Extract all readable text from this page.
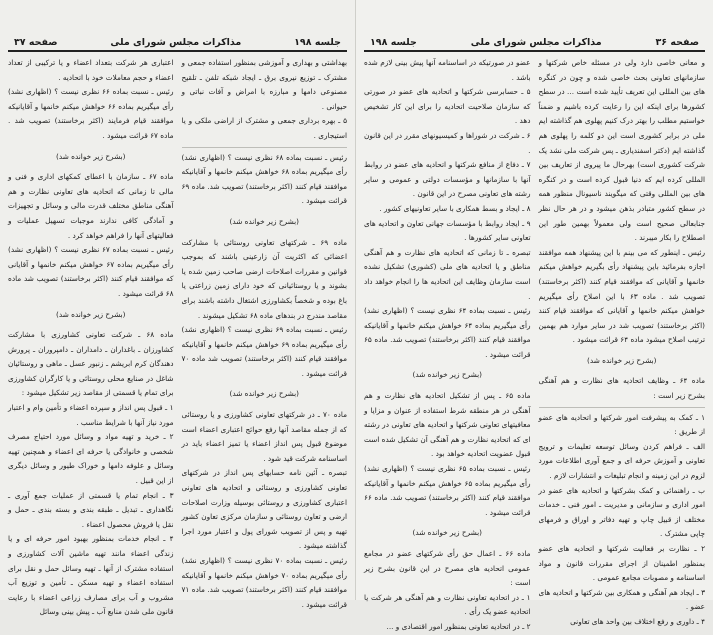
جلسه ۱۹۸
مذاکرات مجلس شورای ملی
صفحه ۳۷

بهداشتی و بهداری و آموزشی بمنظور استفاده جمعی و مشترک ـ توزیع نیروی برق ـ ایجاد شبکه تلفن ـ تلقیح مصنوعی دامها و مبارزه با امراض و آفات نباتی و حیوانی .

۵ ـ بهره برداری جمعی و مشترک از اراضی ملکی و یا استیجاری .

رئیس ـ نسبت بماده ۶۸ نظری نیست ؟ (اظهاری نشد) رأی میگیریم بماده ۶۸ خواهش میکنم خانمها و آقایانیکه موافقند قیام کنند (اکثر برخاستند) تصویب شد. ماده ۶۹ قرائت میشود .

(بشرح زیر خوانده شد)

ماده ۶۹ ـ شرکتهای تعاونی روستائی با مشارکت اعضائی که اکثریت آن زارعینی باشند که بموجب قوانین و مقررات اصلاحات ارضی صاحب زمین شده یا بشوند و یا روستائیانی که خود دارای زمین زراعتی یا باغ بوده و شخصاً بکشاورزی اشتغال داشته باشند برای مقاصد مندرج در بندهای ماده ۶۸ تشکیل میشوند .

رئیس ـ نسبت بماده ۶۹ نظری نیست ؟ (اظهاری نشد) رأی میگیریم بماده ۶۹ خواهش میکنم خانمها و آقایانیکه موافقند قیام کنند (اکثر برخاستند) تصویب شد ماده ۷۰ قرائت میشود .

(بشرح زیر خوانده شد)

ماده ۷۰ ـ در شرکتهای تعاونی کشاورزی و یا روستائی که از جمله مقاصد آنها رفع حوائج اعتباری اعضاء است موضوع قبول پس انداز اعضاء یا تمیز اعضاء باید در اساسنامه شرکت قید شود .

تبصره ـ آئین نامه حسابهای پس انداز در شرکتهای تعاونی کشاورزی و روستائی و اتحادیه های تعاونی اعتباری کشاورزی و روستائی بوسیله وزارت اصلاحات ارضی و تعاون روستائی و سازمان مرکزی تعاون کشور تهیه و پس از تصویب شورای پول و اعتبار مورد اجرا گذاشته میشود .

رئیس ـ نسبت بماده ۷۰ نظری نیست ؟ (اظهاری نشد) رأی میگیریم بماده ۷۰ خواهش میکنم خانمها و آقایانیکه موافقند قیام کنند (اکثر برخاستند) تصویب شد. ماده ۷۱ قرائت میشود .

اعتباری هر شرکت بتعداد اعضاء و یا ترکیبی از تعداد اعضاء و حجم معاملات خود با اتحادیه .

رئیس ـ نسبت بماده ۶۶ نظری نیست ؟ (اظهاری نشد) رأی میگیریم بماده ۶۶ خواهش میکنم خانمها و آقایانیکه موافقند قیام فرمایند (اکثر برخاستند) تصویب شد . ماده ۶۷ قرائت میشود .

(بشرح زیر خوانده شد)

ماده ۶۷ ـ سازمان با اعطای کمکهای اداری و فنی و مالی تا زمانی که اتحادیه های تعاونی نظارت و هم آهنگی مناطق مختلف قدرت مالی و وسائل و تجهیزات و آمادگی کافی ندارند موجبات تسهیل عملیات و فعالیتهای آنها را فراهم خواهد کرد .

رئیس ـ نسبت بماده ۶۷ نظری نیست ؟ (اظهاری نشد) رأی میگیریم بماده ۶۷ خواهش میکنم خانمها و آقایانی که موافقند قیام کنند (اکثر برخاستند) تصویب شد ماده ۶۸ قرائت میشود .

(بشرح زیر خوانده شد)

ماده ۶۸ ـ شرکت تعاونی کشاورزی با مشارکت کشاورزان ـ باغداران ـ دامداران ـ دامپروران ـ پرورش دهندگان کرم ابریشم ـ زنبور عسل ـ ماهی و روستائیان شاغل در صنایع محلی روستائی و یا کارگران کشاورزی برای تمام یا قسمتی از مقاصد زیر تشکیل میشود :

۱ ـ قبول پس انداز و سپرده اعضاء و تأمین وام و اعتبار مورد نیاز آنها با شرایط مناسب .

۲ ـ خرید و تهیه مواد و وسائل مورد احتیاج مصرف شخصی و خانوادگی یا حرفه ای اعضاء و همچنین تهیه وسائل و علوفه دامها و خوراک طیور و وسائل دیگری از این قبیل .

۳ ـ انجام تمام یا قسمتی از عملیات جمع آوری ـ نگاهداری ـ تبدیل ـ طبقه بندی و بسته بندی ـ حمل و نقل یا فروش محصول اعضاء .

۴ ـ انجام خدمات بمنظور بهبود امور حرفه ای و یا زندگی اعضاء مانند تهیه ماشین آلات کشاورزی و استفاده مشترک از آنها ـ تهیه وسائل حمل و نقل برای استفاده اعضاء و تهیه مسکن ـ تأمین و توزیع آب مشروب و آب برای مصارف زراعی اعضاء با رعایت قانون ملی شدن منابع آب ـ پیش بینی وسائل

صفحه ۳۶
مذاکرات مجلس شورای ملی
جلسه ۱۹۸

و معانی خاصی دارد ولی در مسئله خاص شرکتها و سازمانهای تعاونی بحث خاصی شده و چون در کنگره های بین المللی این تعریف تأیید شده است ... در سطح کشورها برای اینکه این را رعایت کرده باشیم و ضمناً خواستیم مطلب را بهتر درک کنیم پهلوی هم گذاشته ایم ملی در برابر کشوری است این دو کلمه را پهلوی هم گذاشته ایم (دکتر اسفندیاری ـ پس شرکت ملی نشد یک شرکت کشوری است) بهرحال ما پیروی از تعاریف بین المللی کرده ایم که دنیا قبول کرده است و در کنگره های بین المللی وقتی که میگویند ناسیونال منظور همه در سطح کشور متبادر بذهن میشود و در هر حال نظر جنابعالی صحیح است ولی معمولاً بهمین طور این اصطلاح را بکار میبرند .

رئیس ـ اینطور که می بینم با این پیشنهاد همه موافقند اجازه بفرمائید باین پیشنهاد رأی بگیریم خواهش میکنم خانمها و آقایانی که موافقند قیام کنند (اکثر برخاستند) تصویب شد . ماده ۶۳ با این اصلاح رأی میگیریم خواهش میکنم خانمها و آقایانی که موافقند قیام کنند (اکثر برخاستند) تصویب شد در سایر موارد هم بهمین ترتیب اصلاح میشود ماده ۶۴ قرائت میشود .

(بشرح زیر خوانده شد)

ماده ۶۴ ـ وظایف اتحادیه های نظارت و هم آهنگی بشرح زیر است :

۱ ـ کمک به پیشرفت امور شرکتها و اتحادیه های عضو از طریق :

الف ـ فراهم کردن وسائل توسعه تعلیمات و ترویج تعاونی و آموزش حرفه ای و جمع آوری اطلاعات مورد لزوم در این زمینه و انجام تبلیغات و انتشارات لازم .

ب ـ راهنمائی و کمک بشرکتها و اتحادیه های عضو در امور اداری و سازمانی و مدیریت ـ امور فنی ـ خدمات مختلف از قبیل چاپ و تهیه دفاتر و اوراق و فرمهای چاپی مشترک .

۲ ـ نظارت بر فعالیت شرکتها و اتحادیه های عضو بمنظور اطمینان از اجرای مقررات قانون و مواد اساسنامه و مصوبات مجامع عمومی .

۳ ـ ایجاد هم آهنگی و همکاری بین شرکتها و اتحادیه های عضو .

۴ ـ داوری و رفع اختلاف بین واحد های تعاونی

عضو در صورتیکه در اساسنامه آنها پیش بینی لازم شده باشد .

۵ ـ حسابرسی شرکتها و اتحادیه های عضو در صورتی که سازمان صلاحیت اتحادیه را برای این کار تشخیص دهد .

۶ ـ شرکت در شوراها و کمیسیونهای مقرر در این قانون .

۷ ـ دفاع از منافع شرکتها و اتحادیه های عضو در روابط آنها با سازمانها و مؤسسات دولتی و عمومی و سایر رشته های تعاونی مصرح در این قانون .

۸ ـ ایجاد و بسط همکاری با سایر تعاونیهای کشور .

۹ ـ ایجاد روابط با مؤسسات جهانی تعاون و اتحادیه های تعاونی سایر کشورها .

تبصره ـ تا زمانی که اتحادیه های نظارت و هم آهنگی مناطق و یا اتحادیه های ملی (کشوری) تشکیل نشده است سازمان وظایف این اتحادیه ها را انجام خواهد داد .

رئیس ـ نسبت بماده ۶۴ نظری نیست ؟ (اظهاری نشد) رأی میگیریم بماده ۶۴ خواهش میکنم خانمها و آقایانیکه موافقند قیام کنند (اکثر برخاستند) تصویب شد. ماده ۶۵ قرائت میشود .

(بشرح زیر خوانده شد)

ماده ۶۵ ـ پس از تشکیل اتحادیه های نظارت و هم آهنگی در هر منطقه شرط استفاده از عنوان و مزایا و معافیتهای تعاونی شرکتها و اتحادیه های تعاونی در رشته ای که اتحادیه نظارت و هم آهنگی آن تشکیل شده است قبول عضویت اتحادیه خواهد بود .

رئیس ـ نسبت بماده ۶۵ نظری نیست ؟ (اظهاری نشد) رأی میگیریم بماده ۶۵ خواهش میکنم خانمها و آقایانیکه موافقند قیام کنند (اکثر برخاستند) تصویب شد. ماده ۶۶ قرائت میشود .

(بشرح زیر خوانده شد)

ماده ۶۶ ـ اعمال حق رأی شرکتهای عضو در مجامع عمومی اتحادیه های مصرح در این قانون بشرح زیر است :

۱ ـ در اتحادیه تعاونی نظارت و هم آهنگی هر شرکت یا اتحادیه عضو یک رأی .

۲ ـ در اتحادیه تعاونی بمنظور امور اقتصادی و ...
